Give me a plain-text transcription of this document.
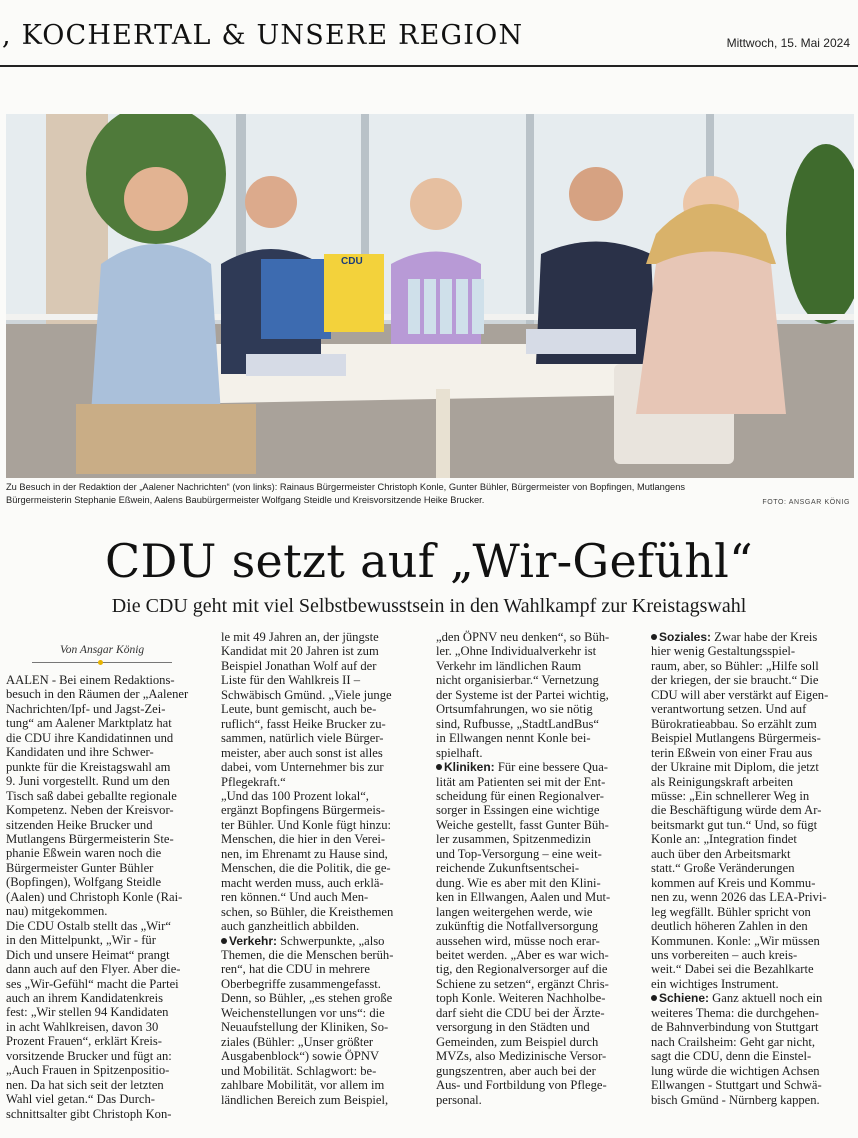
, KOCHERTAL & UNSERE REGION	Mittwoch, 15. Mai 2024
CDU
Zu Besuch in der Redaktion der „Aalener Nachrichten“ (von links): Rainaus Bürgermeister Christoph Konle, Gunter Bühler, Bürgermeister von Bopfingen, Mutlangens
Bürgermeisterin Stephanie Eßwein, Aalens Baubürgermeister Wolfgang Steidle und Kreisvorsitzende Heike Brucker.	FOTO: ANSGAR KÖNIG
CDU setzt auf „Wir-Gefühl“
Die CDU geht mit viel Selbstbewusstsein in den Wahlkampf zur Kreistagswahl
Von Ansgar König
AALEN - Bei einem Redaktions-
besuch in den Räumen der „Aalener
Nachrichten/Ipf- und Jagst-Zei-
tung“ am Aalener Marktplatz hat
die CDU ihre Kandidatinnen und
Kandidaten und ihre Schwer-
punkte für die Kreistagswahl am
9. Juni vorgestellt. Rund um den
Tisch saß dabei geballte regionale
Kompetenz. Neben der Kreisvor-
sitzenden Heike Brucker und
Mutlangens Bürgermeisterin Ste-
phanie Eßwein waren noch die
Bürgermeister Gunter Bühler
(Bopfingen), Wolfgang Steidle
(Aalen) und Christoph Konle (Rai-
nau) mitgekommen.
Die CDU Ostalb stellt das „Wir“
in den Mittelpunkt, „Wir - für
Dich und unsere Heimat“ prangt
dann auch auf den Flyer. Aber die-
ses „Wir-Gefühl“ macht die Partei
auch an ihrem Kandidatenkreis
fest: „Wir stellen 94 Kandidaten
in acht Wahlkreisen, davon 30
Prozent Frauen“, erklärt Kreis-
vorsitzende Brucker und fügt an:
„Auch Frauen in Spitzenpositio-
nen. Da hat sich seit der letzten
Wahl viel getan.“ Das Durch-
schnittsalter gibt Christoph Kon-
le mit 49 Jahren an, der jüngste
Kandidat mit 20 Jahren ist zum
Beispiel Jonathan Wolf auf der
Liste für den Wahlkreis II –
Schwäbisch Gmünd. „Viele junge
Leute, bunt gemischt, auch be-
ruflich“, fasst Heike Brucker zu-
sammen, natürlich viele Bürger-
meister, aber auch sonst ist alles
dabei, vom Unternehmer bis zur
Pflegekraft.“
„Und das 100 Prozent lokal“,
ergänzt Bopfingens Bürgermeis-
ter Bühler. Und Konle fügt hinzu:
Menschen, die hier in den Verei-
nen, im Ehrenamt zu Hause sind,
Menschen, die die Politik, die ge-
macht werden muss, auch erklä-
ren können.“ Und auch Men-
schen, so Bühler, die Kreisthemen
auch ganzheitlich abbilden.
Verkehr: Schwerpunkte, „also
Themen, die die Menschen berüh-
ren“, hat die CDU in mehrere
Oberbegriffe zusammengefasst.
Denn, so Bühler, „es stehen große
Weichenstellungen vor uns“: die
Neuaufstellung der Kliniken, So-
ziales (Bühler: „Unser größter
Ausgabenblock“) sowie ÖPNV
und Mobilität. Schlagwort: be-
zahlbare Mobilität, vor allem im
ländlichen Bereich zum Beispiel,
„den ÖPNV neu denken“, so Büh-
ler. „Ohne Individualverkehr ist
Verkehr im ländlichen Raum
nicht organisierbar.“ Vernetzung
der Systeme ist der Partei wichtig,
Ortsumfahrungen, wo sie nötig
sind, Rufbusse, „StadtLandBus“
in Ellwangen nennt Konle bei-
spielhaft.
Kliniken: Für eine bessere Qua-
lität am Patienten sei mit der Ent-
scheidung für einen Regionalver-
sorger in Essingen eine wichtige
Weiche gestellt, fasst Gunter Büh-
ler zusammen, Spitzenmedizin
und Top-Versorgung – eine weit-
reichende Zukunftsentschei-
dung. Wie es aber mit den Klini-
ken in Ellwangen, Aalen und Mut-
langen weitergehen werde, wie
zukünftig die Notfallversorgung
aussehen wird, müsse noch erar-
beitet werden. „Aber es war wich-
tig, den Regionalversorger auf die
Schiene zu setzen“, ergänzt Chris-
toph Konle. Weiteren Nachholbe-
darf sieht die CDU bei der Ärzte-
versorgung in den Städten und
Gemeinden, zum Beispiel durch
MVZs, also Medizinische Versor-
gungszentren, aber auch bei der
Aus- und Fortbildung von Pflege-
personal.
Soziales: Zwar habe der Kreis
hier wenig Gestaltungsspiel-
raum, aber, so Bühler: „Hilfe soll
der kriegen, der sie braucht.“ Die
CDU will aber verstärkt auf Eigen-
verantwortung setzen. Und auf
Bürokratieabbau. So erzählt zum
Beispiel Mutlangens Bürgermeis-
terin Eßwein von einer Frau aus
der Ukraine mit Diplom, die jetzt
als Reinigungskraft arbeiten
müsse: „Ein schnellerer Weg in
die Beschäftigung würde dem Ar-
beitsmarkt gut tun.“ Und, so fügt
Konle an: „Integration findet
auch über den Arbeitsmarkt
statt.“ Große Veränderungen
kommen auf Kreis und Kommu-
nen zu, wenn 2026 das LEA-Privi-
leg wegfällt. Bühler spricht von
deutlich höheren Zahlen in den
Kommunen. Konle: „Wir müssen
uns vorbereiten – auch kreis-
weit.“ Dabei sei die Bezahlkarte
ein wichtiges Instrument.
Schiene: Ganz aktuell noch ein
weiteres Thema: die durchgehen-
de Bahnverbindung von Stuttgart
nach Crailsheim: Geht gar nicht,
sagt die CDU, denn die Einstel-
lung würde die wichtigen Achsen
Ellwangen - Stuttgart und Schwä-
bisch Gmünd - Nürnberg kappen.
